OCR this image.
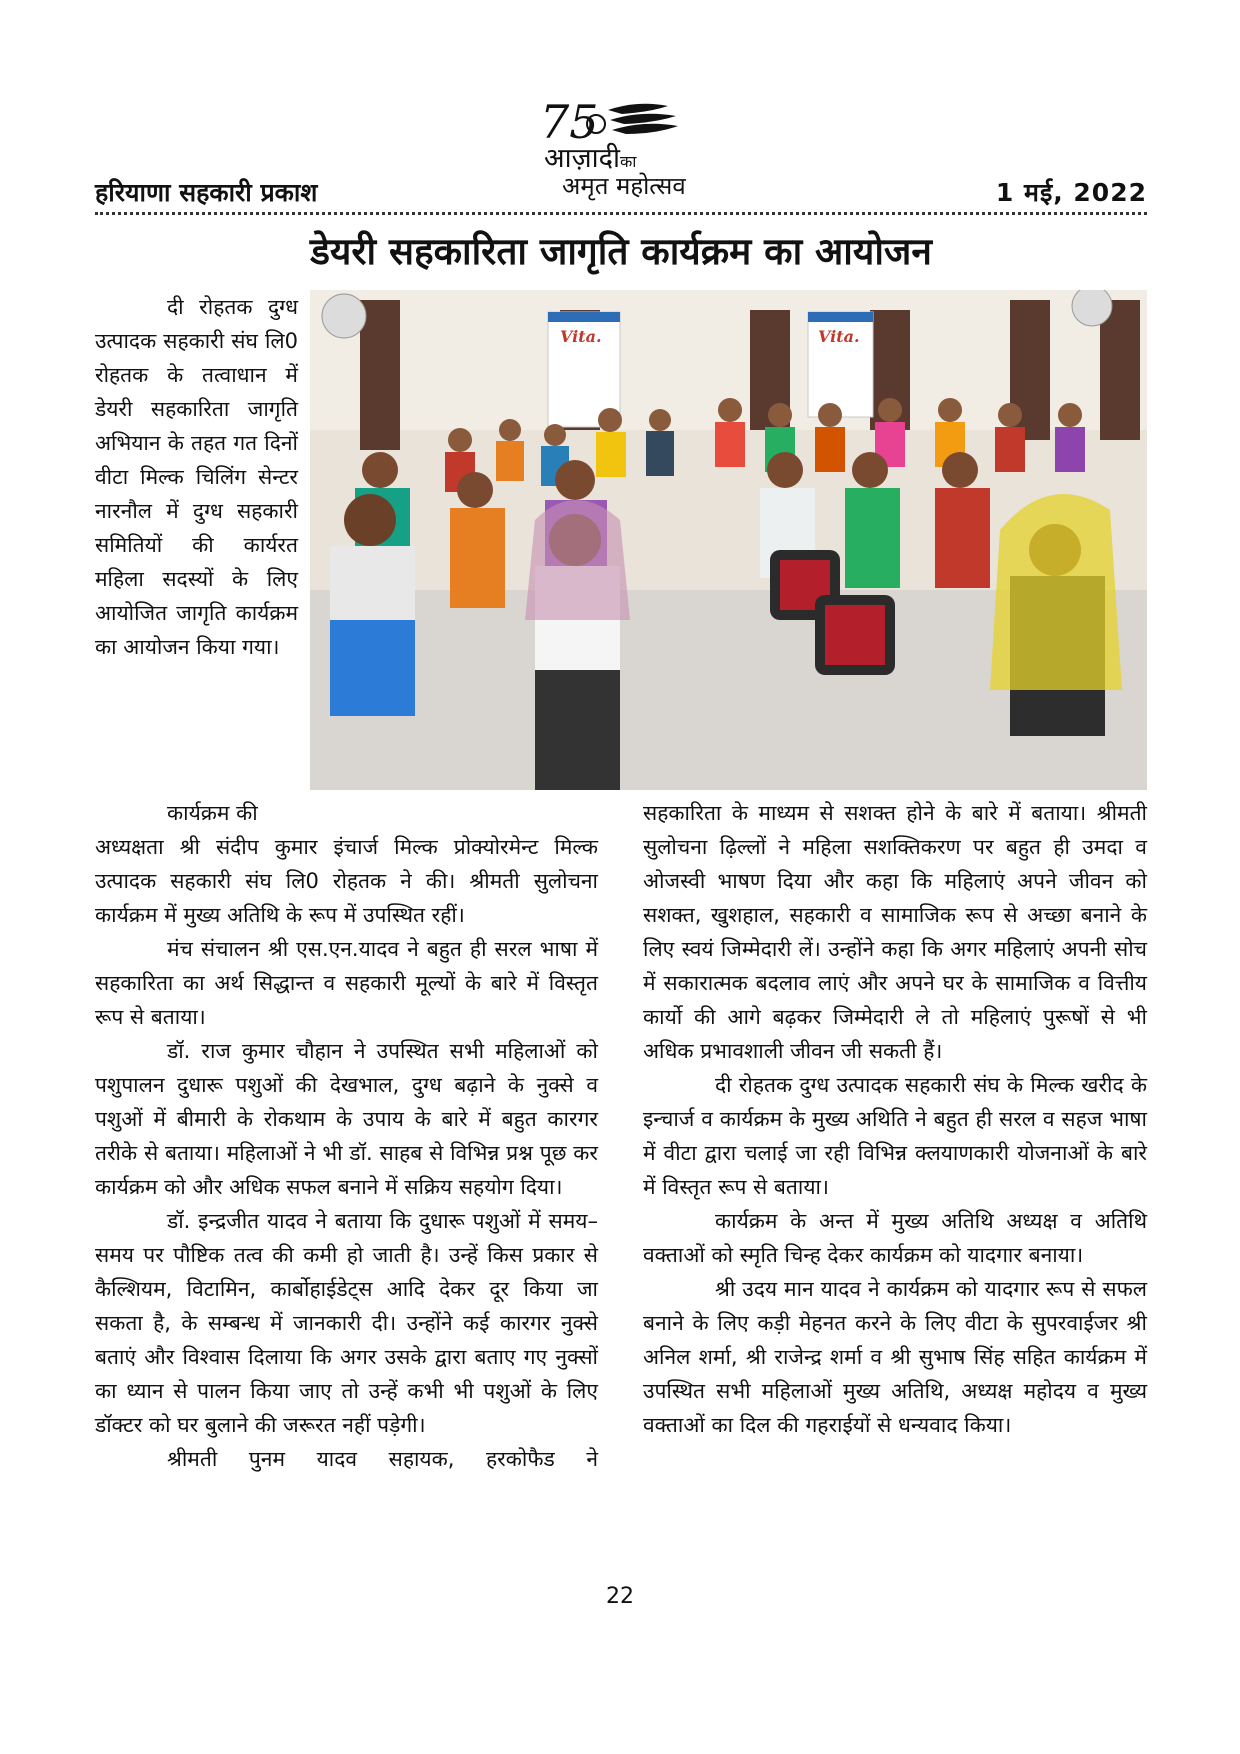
75
आज़ादीका
अमृत महोत्सव
हरियाणा सहकारी प्रकाश	1 मई, 2022
डेयरी सहकारिता जागृति कार्यक्रम का आयोजन
Vita.	Vita.

दी रोहतक दुग्ध उत्पादक सहकारी संघ लि0 रोहतक के तत्वाधान में डेयरी सहकारिता जागृति अभियान के तहत गत दिनों वीटा मिल्क चिलिंग सेन्टर नारनौल में दुग्ध सहकारी समितियों की कार्यरत महिला सदस्यों के लिए आयोजित जागृति कार्यक्रम का आयोजन किया गया।

कार्यक्रम की

अध्यक्षता श्री संदीप कुमार इंचार्ज मिल्क प्रोक्योरमेन्ट मिल्क उत्पादक सहकारी संघ लि0 रोहतक ने की। श्रीमती सुलोचना कार्यक्रम में मुख्य अतिथि के रूप में उपस्थित रहीं।

मंच संचालन श्री एस.एन.यादव ने बहुत ही सरल भाषा में सहकारिता का अर्थ सिद्धान्त व सहकारी मूल्यों के बारे में विस्तृत रूप से बताया।

डॉ. राज कुमार चौहान ने उपस्थित सभी महिलाओं को पशुपालन दुधारू पशुओं की देखभाल, दुग्ध बढ़ाने के नुक्से व पशुओं में बीमारी के रोकथाम के उपाय के बारे में बहुत कारगर तरीके से बताया। महिलाओं ने भी डॉ. साहब से विभिन्न प्रश्न पूछ कर कार्यक्रम को और अधिक सफल बनाने में सक्रिय सहयोग दिया।

डॉ. इन्द्रजीत यादव ने बताया कि दुधारू पशुओं में समय–समय पर पौष्टिक तत्व की कमी हो जाती है। उन्हें किस प्रकार से कैल्शियम, विटामिन, कार्बोहाईडेट्स आदि देकर दूर किया जा सकता है, के सम्बन्ध में जानकारी दी। उन्होंने कई कारगर नुक्से बताएं और विश्वास दिलाया कि अगर उसके द्वारा बताए गए नुक्सों का ध्यान से पालन किया जाए तो उन्हें कभी भी पशुओं के लिए डॉक्टर को घर बुलाने की जरूरत नहीं पड़ेगी।

श्रीमती पुनम यादव सहायक, हरकोफैड ने

सहकारिता के माध्यम से सशक्त होने के बारे में बताया। श्रीमती सुलोचना ढ़िल्लों ने महिला सशक्तिकरण पर बहुत ही उमदा व ओजस्वी भाषण दिया और कहा कि महिलाएं अपने जीवन को सशक्त, खुशहाल, सहकारी व सामाजिक रूप से अच्छा बनाने के लिए स्वयं जिम्मेदारी लें। उन्होंने कहा कि अगर महिलाएं अपनी सोच में सकारात्मक बदलाव लाएं और अपने घर के सामाजिक व वित्तीय कार्यो की आगे बढ़कर जिम्मेदारी ले तो महिलाएं पुरूषों से भी अधिक प्रभावशाली जीवन जी सकती हैं।

दी रोहतक दुग्ध उत्पादक सहकारी संघ के मिल्क खरीद के इन्चार्ज व कार्यक्रम के मुख्य अथिति ने बहुत ही सरल व सहज भाषा में वीटा द्वारा चलाई जा रही विभिन्न क्लयाणकारी योजनाओं के बारे में विस्तृत रूप से बताया।

कार्यक्रम के अन्त में मुख्य अतिथि अध्यक्ष व अतिथि वक्ताओं को स्मृति चिन्ह देकर कार्यक्रम को यादगार बनाया।

श्री उदय मान यादव ने कार्यक्रम को यादगार रूप से सफल बनाने के लिए कड़ी मेहनत करने के लिए वीटा के सुपरवाईजर श्री अनिल शर्मा, श्री राजेन्द्र शर्मा व श्री सुभाष सिंह सहित कार्यक्रम में उपस्थित सभी महिलाओं मुख्य अतिथि, अध्यक्ष महोदय व मुख्य वक्ताओं का दिल की गहराईयों से धन्यवाद किया।

22
